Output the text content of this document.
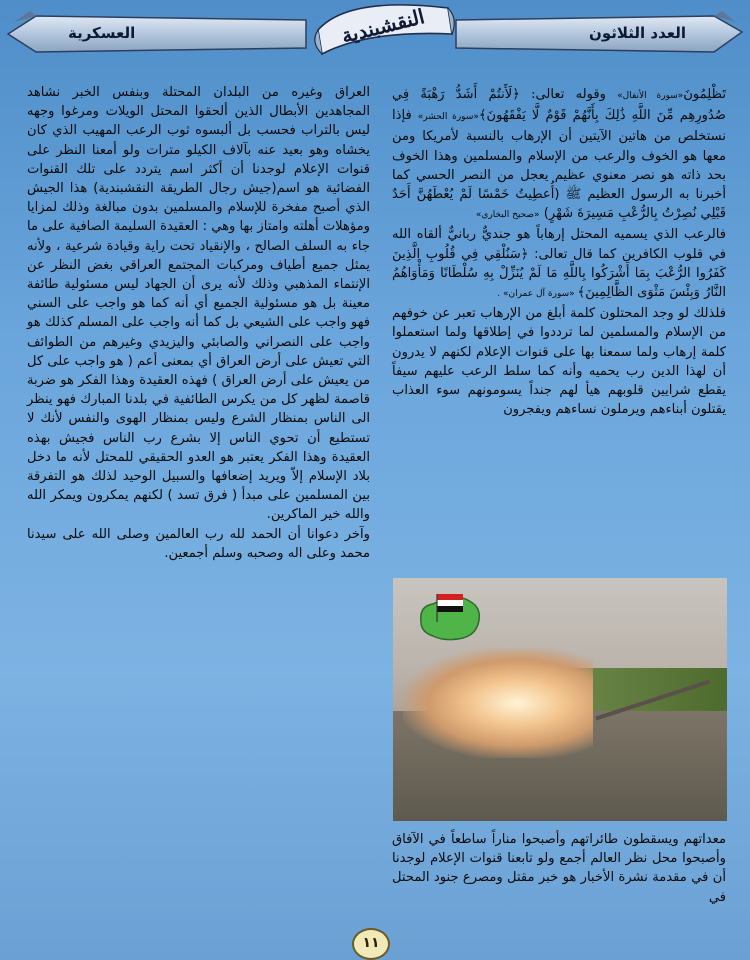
العدد الثلاثون
العسكرية	النقشبندية

تَظْلِمُونَ«سورة الأنفال» وقوله تعالى: ﴿لَأَنتُمْ أَشَدُّ رَهْبَةً فِي صُدُورِهِم مِّنَ اللَّهِ ذَٰلِكَ بِأَنَّهُمْ قَوْمٌ لَّا يَفْقَهُونَ﴾«سورة الحشر» فإذا نستخلص من هاتين الآيتين أن الإرهاب بالنسبة لأمريكا ومن معها هو الخوف والرعب من الإسلام والمسلمين وهذا الخوف بحد ذاته هو نصر معنوي عظيم يعجل من النصر الحسي كما أخبرنا به الرسول العظيم ﷺ (أُعطِيتُ خَمْسًا لَمْ يُعْطَهُنَّ أَحَدٌ قَبْلِي نُصِرْتُ بِالرُّعْبِ مَسِيرَةَ شَهْرٍ) «صحيح البخاري»

فالرعب الذي يسميه المحتل إرهاباً هو جنديٌّ ربانيٌّ ألقاه الله في قلوب الكافرين كما قال تعالى: ﴿سَنُلْقِي فِي قُلُوبِ الَّذِينَ كَفَرُوا الرُّعْبَ بِمَا أَشْرَكُوا بِاللَّهِ مَا لَمْ يُنَزِّلْ بِهِ سُلْطَانًا وَمَأْوَاهُمُ النَّارُ وَبِئْسَ مَثْوَى الظَّالِمِينَ﴾ «سورة آل عمران» .

فلذلك لو وجد المحتلون كلمة أبلغ من الإرهاب تعبر عن خوفهم من الإسلام والمسلمين لما ترددوا في إطلاقها ولما استعملوا كلمة إرهاب ولما سمعنا بها على قنوات الإعلام لكنهم لا يدرون أن لهذا الدين رب يحميه وأنه كما سلط الرعب عليهم سيفاً يقطع شرايين قلوبهم هيأ لهم جنداً يسومونهم سوء العذاب يقتلون أبناءهم ويرملون نساءهم ويفجرون

معداتهم ويسقطون طائراتهم وأصبحوا مناراً ساطعاً في الآفاق وأصبحوا محل نظر العالم أجمع ولو تابعنا قنوات الإعلام لوجدنا أن في مقدمة نشرة الأخبار هو خبر مقتل ومصرع جنود المحتل في

العراق وغيره من البلدان المحتلة وبنفس الخبر نشاهد المجاهدين الأبطال الذين ألحقوا المحتل الويلات ومرغوا وجهه ليس بالتراب فحسب بل ألبسوه ثوب الرعب المهيب الذي كان يخشاه وهو بعيد عنه بآلاف الكيلو مترات ولو أمعنا النظر على قنوات الإعلام لوجدنا أن أكثر اسم يتردد على تلك القنوات الفضائية هو اسم(جيش رجال الطريقة النقشبندية) هذا الجيش الذي أصبح مفخرة للإسلام والمسلمين بدون مبالغة وذلك لمزايا ومؤهلات أهلته وامتاز بها وهي : العقيدة السليمة الصافية على ما جاء به السلف الصالح ، والإنقياد تحت راية وقيادة شرعية ، ولأنه يمثل جميع أطياف ومركبات المجتمع العراقي بغض النظر عن الإنتماء المذهبي وذلك لأنه يرى أن الجهاد ليس مسئولية طائفة معينة بل هو مسئولية الجميع أي أنه كما هو واجب على السني فهو واجب على الشيعي بل كما أنه واجب على المسلم كذلك هو واجب على النصراني والصابئي واليزيدي وغيرهم من الطوائف التي تعيش على أرض العراق أي بمعنى أعم ( هو واجب على كل من يعيش على أرض العراق ) فهذه العقيدة وهذا الفكر هو ضربة قاصمة لظهر كل من يكرس الطائفية في بلدنا المبارك فهو ينظر الى الناس بمنظار الشرع وليس بمنظار الهوى والنفس لأنك لا تستطيع أن تحوي الناس إلا بشرع رب الناس فجيش بهذه العقيدة وهذا الفكر يعتبر هو العدو الحقيقي للمحتل لأنه ما دخل بلاد الإسلام إلاّ ويريد إضعافها والسبيل الوحيد لذلك هو التفرقة بين المسلمين على مبدأ ( فرق تسد ) لكنهم يمكرون ويمكر الله والله خير الماكرين.

وآخر دعوانا أن الحمد لله رب العالمين وصلى الله على سيدنا محمد وعلى اله وصحبه وسلم أجمعين.

١١
